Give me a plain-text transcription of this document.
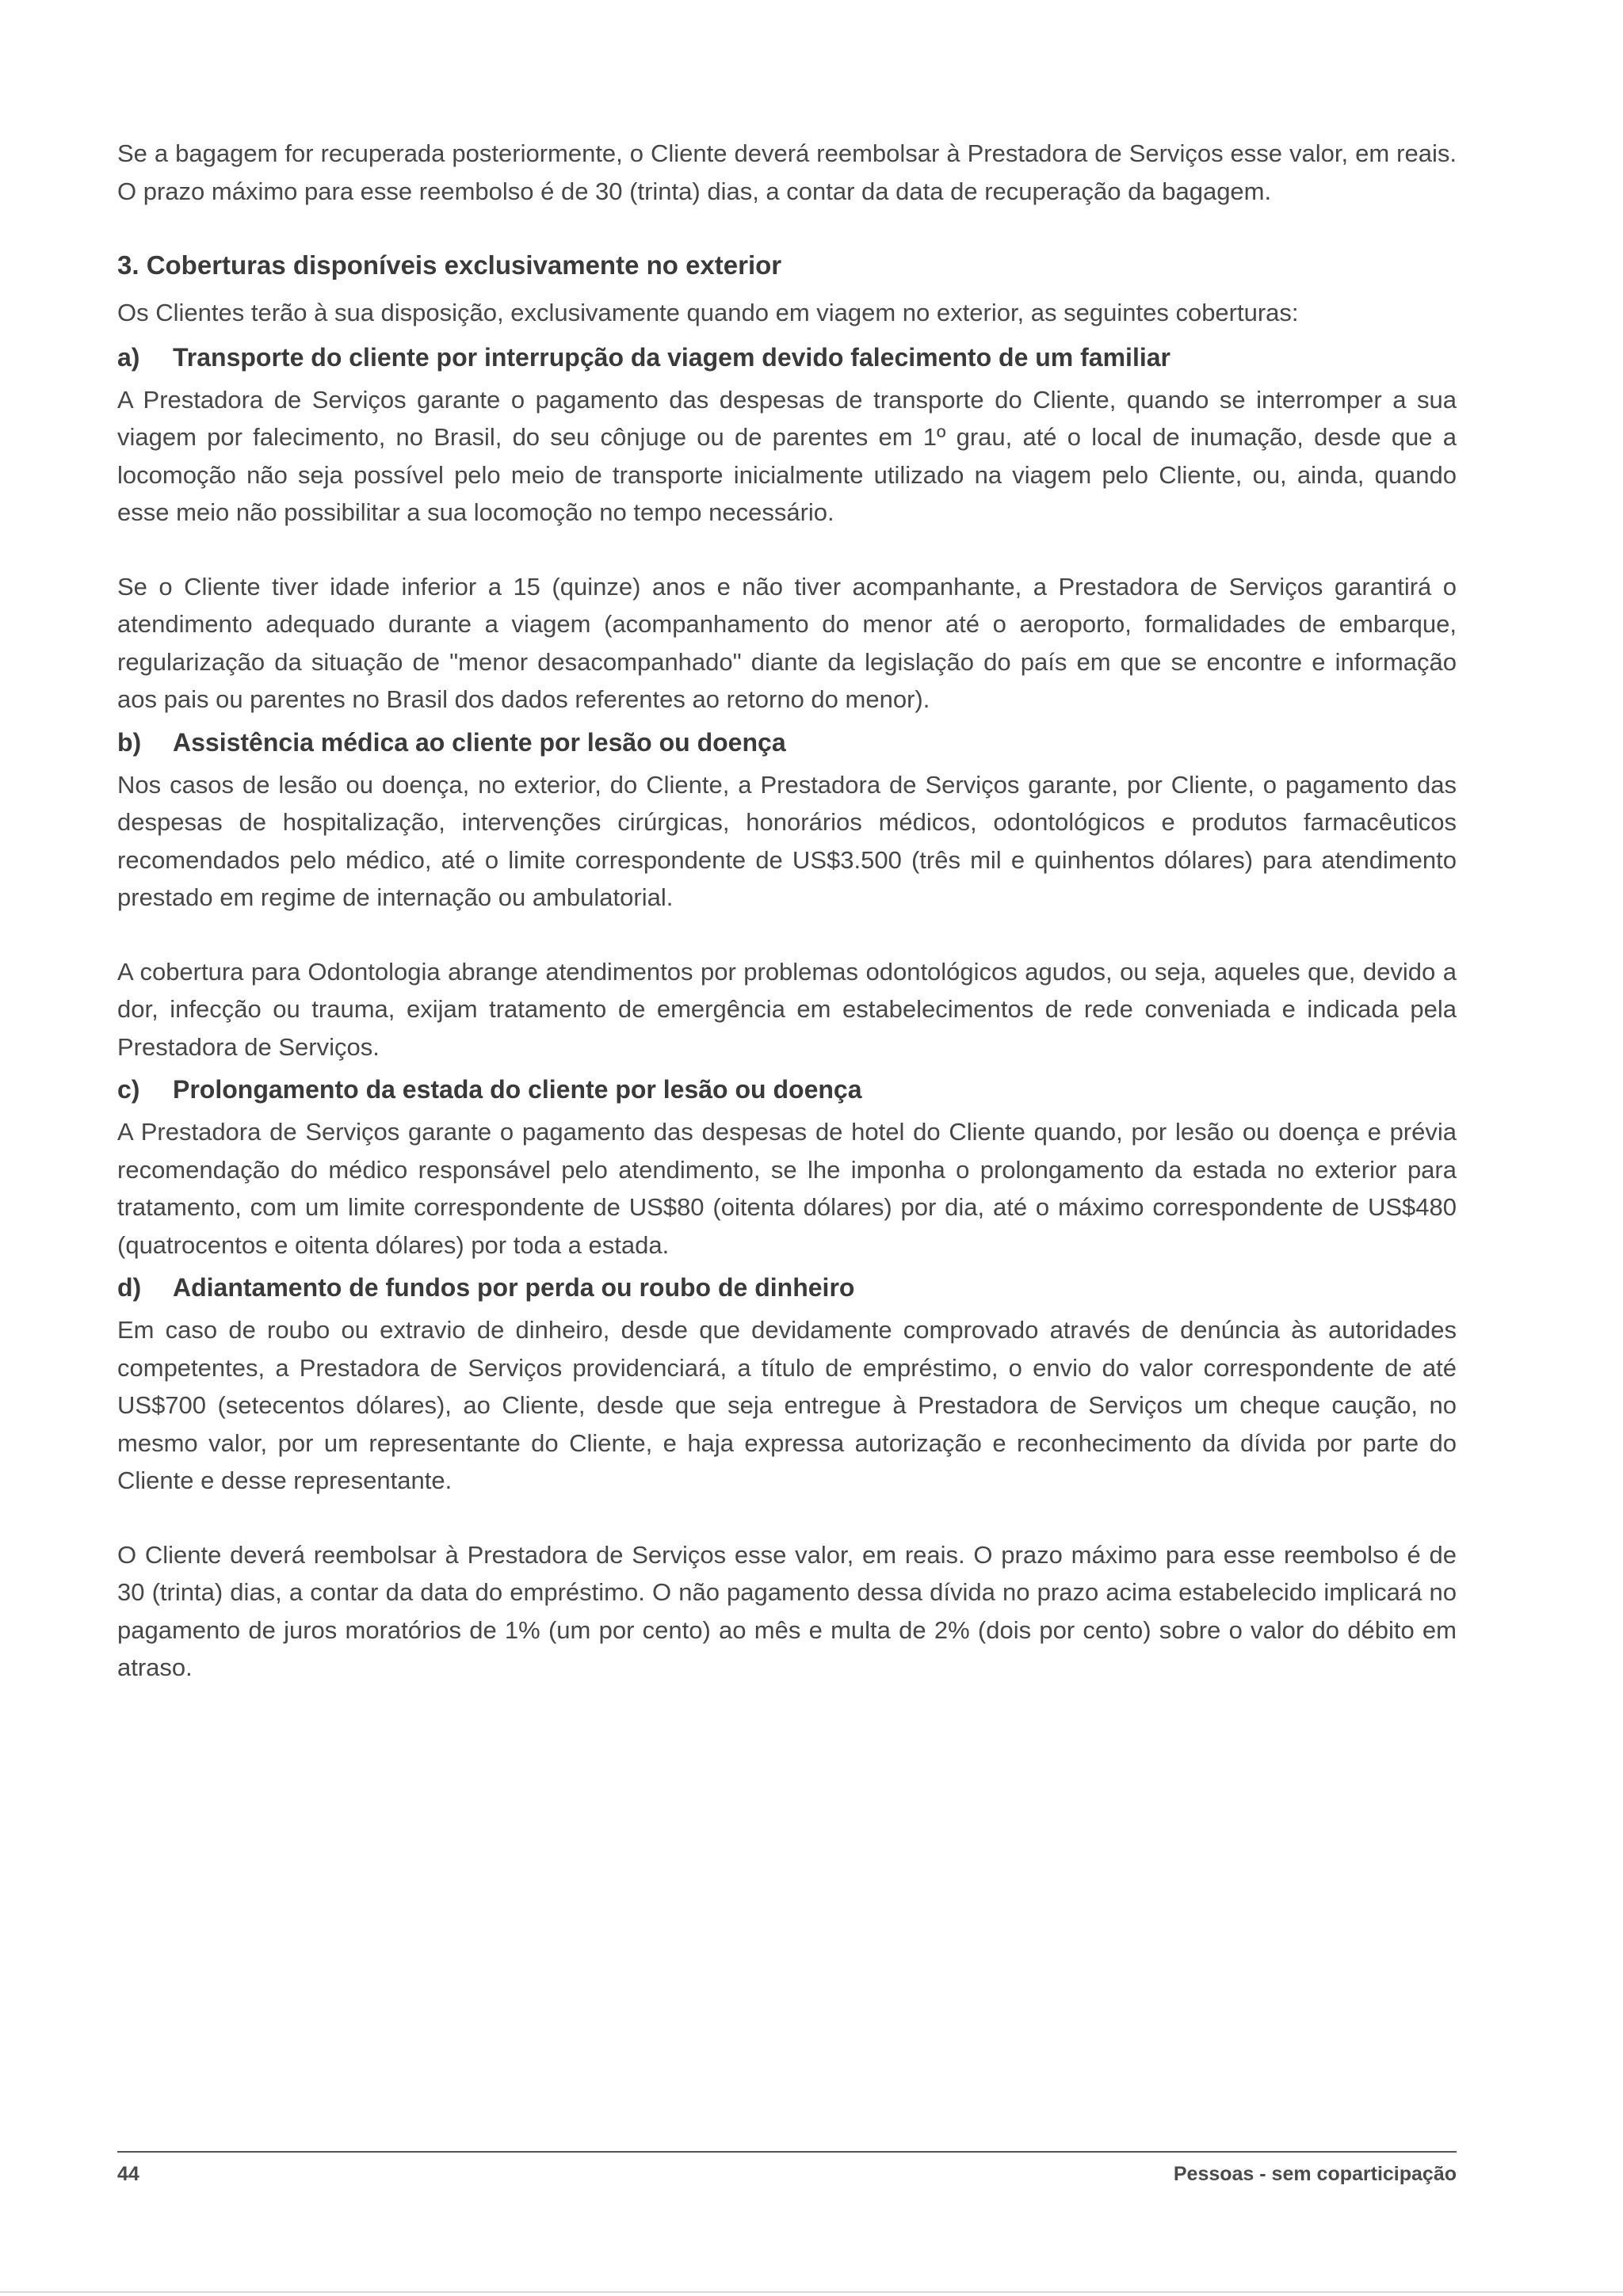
Se a bagagem for recuperada posteriormente, o Cliente deverá reembolsar à Prestadora de Serviços esse valor, em reais. O prazo máximo para esse reembolso é de 30 (trinta) dias, a contar da data de recuperação da bagagem.

3. Coberturas disponíveis exclusivamente no exterior

Os Clientes terão à sua disposição, exclusivamente quando em viagem no exterior, as seguintes coberturas:

a)	Transporte do cliente por interrupção da viagem devido falecimento de um familiar

A Prestadora de Serviços garante o pagamento das despesas de transporte do Cliente, quando se interromper a sua viagem por falecimento, no Brasil, do seu cônjuge ou de parentes em 1º grau, até o local de inumação, desde que a locomoção não seja possível pelo meio de transporte inicialmente utilizado na viagem pelo Cliente, ou, ainda, quando esse meio não possibilitar a sua locomoção no tempo necessário.

Se o Cliente tiver idade inferior a 15 (quinze) anos e não tiver acompanhante, a Prestadora de Serviços garantirá o atendimento adequado durante a viagem (acompanhamento do menor até o aeroporto, formalidades de embarque, regularização da situação de "menor desacompanhado" diante da legislação do país em que se encontre e informação aos pais ou parentes no Brasil dos dados referentes ao retorno do menor).

b)	Assistência médica ao cliente por lesão ou doença

Nos casos de lesão ou doença, no exterior, do Cliente, a Prestadora de Serviços garante, por Cliente, o pagamento das despesas de hospitalização, intervenções cirúrgicas, honorários médicos, odontológicos e produtos farmacêuticos recomendados pelo médico, até o limite correspondente de US$3.500 (três mil e quinhentos dólares) para atendimento prestado em regime de internação ou ambulatorial.

A cobertura para Odontologia abrange atendimentos por problemas odontológicos agudos, ou seja, aqueles que, devido a dor, infecção ou trauma, exijam tratamento de emergência em estabelecimentos de rede conveniada e indicada pela Prestadora de Serviços.

c)	Prolongamento da estada do cliente por lesão ou doença

A Prestadora de Serviços garante o pagamento das despesas de hotel do Cliente quando, por lesão ou doença e prévia recomendação do médico responsável pelo atendimento, se lhe imponha o prolongamento da estada no exterior para tratamento, com um limite correspondente de US$80 (oitenta dólares) por dia, até o máximo correspondente de US$480 (quatrocentos e oitenta dólares) por toda a estada.

d)	Adiantamento de fundos por perda ou roubo de dinheiro

Em caso de roubo ou extravio de dinheiro, desde que devidamente comprovado através de denúncia às autoridades competentes, a Prestadora de Serviços providenciará, a título de empréstimo, o envio do valor correspondente de até US$700 (setecentos dólares), ao Cliente, desde que seja entregue à Prestadora de Serviços um cheque caução, no mesmo valor, por um representante do Cliente, e haja expressa autorização e reconhecimento da dívida por parte do Cliente e desse representante.

O Cliente deverá reembolsar à Prestadora de Serviços esse valor, em reais. O prazo máximo para esse reembolso é de 30 (trinta) dias, a contar da data do empréstimo. O não pagamento dessa dívida no prazo acima estabelecido implicará no pagamento de juros moratórios de 1% (um por cento) ao mês e multa de 2% (dois por cento) sobre o valor do débito em atraso.

44	Pessoas - sem coparticipação
